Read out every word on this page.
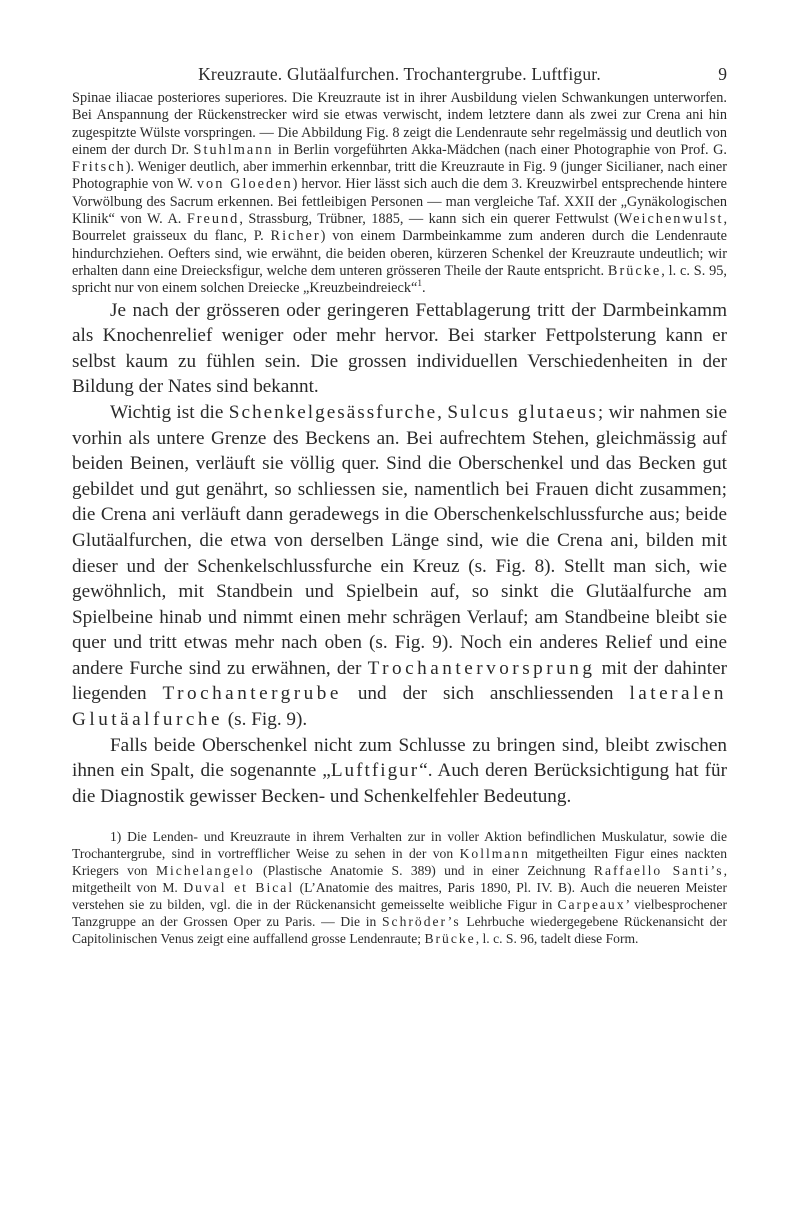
Kreuzraute. Glutäalfurchen. Trochantergrube. Luftfigur.	9

Spinae iliacae posteriores superiores. Die Kreuzraute ist in ihrer Ausbildung vielen Schwankungen unterworfen. Bei Anspannung der Rückenstrecker wird sie etwas verwischt, indem letztere dann als zwei zur Crena ani hin zugespitzte Wülste vorspringen. — Die Abbildung Fig. 8 zeigt die Lendenraute sehr regelmässig und deutlich von einem der durch Dr. Stuhlmann in Berlin vorgeführten Akka-Mädchen (nach einer Photographie von Prof. G. Fritsch). Weniger deutlich, aber immerhin erkennbar, tritt die Kreuzraute in Fig. 9 (junger Sicilianer, nach einer Photographie von W. von Gloeden) hervor. Hier lässt sich auch die dem 3. Kreuzwirbel entsprechende hintere Vorwölbung des Sacrum erkennen. Bei fettleibigen Personen — man vergleiche Taf. XXII der „Gynäkologischen Klinik“ von W. A. Freund, Strassburg, Trübner, 1885, — kann sich ein querer Fettwulst (Weichenwulst, Bourrelet graisseux du flanc, P. Richer) von einem Darmbeinkamme zum anderen durch die Lendenraute hindurchziehen. Oefters sind, wie erwähnt, die beiden oberen, kürzeren Schenkel der Kreuzraute undeutlich; wir erhalten dann eine Dreiecksfigur, welche dem unteren grösseren Theile der Raute entspricht. Brücke, l. c. S. 95, spricht nur von einem solchen Dreiecke „Kreuzbeindreieck“$^1$.

Je nach der grösseren oder geringeren Fettablagerung tritt der Darmbeinkamm als Knochenrelief weniger oder mehr hervor. Bei starker Fettpolsterung kann er selbst kaum zu fühlen sein. Die grossen individuellen Verschiedenheiten in der Bildung der Nates sind bekannt.

Wichtig ist die Schenkelgesässfurche, Sulcus glutaeus; wir nahmen sie vorhin als untere Grenze des Beckens an. Bei aufrechtem Stehen, gleichmässig auf beiden Beinen, verläuft sie völlig quer. Sind die Oberschenkel und das Becken gut gebildet und gut genährt, so schliessen sie, namentlich bei Frauen dicht zusammen; die Crena ani verläuft dann geradewegs in die Oberschenkelschlussfurche aus; beide Glutäalfurchen, die etwa von derselben Länge sind, wie die Crena ani, bilden mit dieser und der Schenkelschlussfurche ein Kreuz (s. Fig. 8). Stellt man sich, wie gewöhnlich, mit Standbein und Spielbein auf, so sinkt die Glutäalfurche am Spielbeine hinab und nimmt einen mehr schrägen Verlauf; am Standbeine bleibt sie quer und tritt etwas mehr nach oben (s. Fig. 9). Noch ein anderes Relief und eine andere Furche sind zu erwähnen, der Trochantervorsprung mit der dahinter liegenden Trochantergrube und der sich anschliessenden lateralen Glutäalfurche (s. Fig. 9).

Falls beide Oberschenkel nicht zum Schlusse zu bringen sind, bleibt zwischen ihnen ein Spalt, die sogenannte „Luftfigur“. Auch deren Berücksichtigung hat für die Diagnostik gewisser Becken- und Schenkelfehler Bedeutung.

1) Die Lenden- und Kreuzraute in ihrem Verhalten zur in voller Aktion befindlichen Muskulatur, sowie die Trochantergrube, sind in vortrefflicher Weise zu sehen in der von Kollmann mitgetheilten Figur eines nackten Kriegers von Michelangelo (Plastische Anatomie S. 389) und in einer Zeichnung Raffaello Santi’s, mitgetheilt von M. Duval et Bical (L’Anatomie des maitres, Paris 1890, Pl. IV. B). Auch die neueren Meister verstehen sie zu bilden, vgl. die in der Rückenansicht gemeisselte weibliche Figur in Carpeaux’ vielbesprochener Tanzgruppe an der Grossen Oper zu Paris. — Die in Schröder’s Lehrbuche wiedergegebene Rückenansicht der Capitolinischen Venus zeigt eine auffallend grosse Lendenraute; Brücke, l. c. S. 96, tadelt diese Form.
